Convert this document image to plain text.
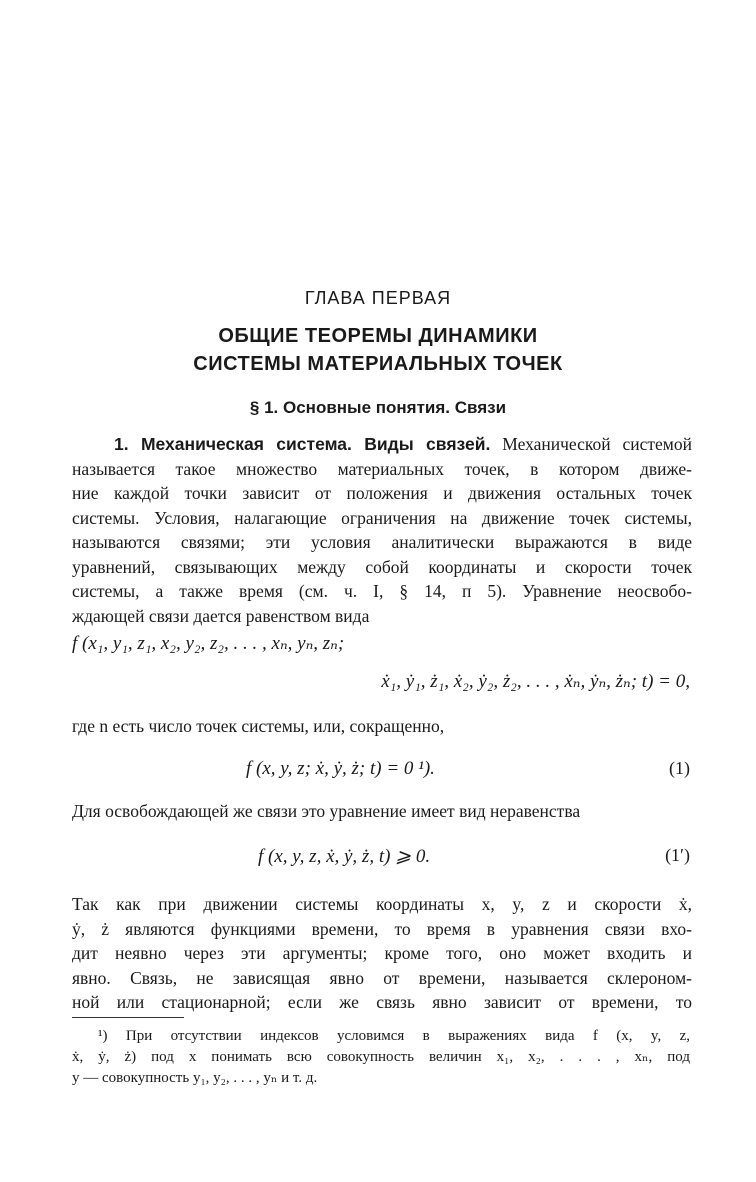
ГЛАВА ПЕРВАЯ
ОБЩИЕ ТЕОРЕМЫ ДИНАМИКИ
СИСТЕМЫ МАТЕРИАЛЬНЫХ ТОЧЕК
§ 1. Основные понятия. Связи
1. Механическая система. Виды связей. Механической системой
называется такое множество материальных точек, в котором движе-
ние каждой точки зависит от положения и движения остальных точек
системы. Условия, налагающие ограничения на движение точек системы,
называются связями; эти условия аналитически выражаются в виде
уравнений, связывающих между собой координаты и скорости точек
системы, а также время (см. ч. I, § 14, п 5). Уравнение неосвобо-
ждающей связи дается равенством вида
f (x₁, y₁, z₁, x₂, y₂, z₂, . . . , xₙ, yₙ, zₙ;
ẋ₁, ẏ₁, ż₁, ẋ₂, ẏ₂, ż₂, . . . , ẋₙ, ẏₙ, żₙ; t) = 0,
где n есть число точек системы, или, сокращенно,
f (x, y, z; ẋ, ẏ, ż; t) = 0 ¹).	(1)
Для освобождающей же связи это уравнение имеет вид неравенства
f (x, y, z, ẋ, ẏ, ż, t) ⩾ 0.	(1′)
Так как при движении системы координаты x, y, z и скорости ẋ,
ẏ, ż являются функциями времени, то время в уравнения связи вхо-
дит неявно через эти аргументы; кроме того, оно может входить и
явно. Связь, не зависящая явно от времени, называется склероном-
ной или стационарной; если же связь явно зависит от времени, то
¹) При отсутствии индексов условимся в выражениях вида f (x, y, z,
ẋ, ẏ, ż) под x понимать всю совокупность величин x₁, x₂, . . . , xₙ, под
y — совокупность y₁, y₂, . . . , yₙ и т. д.
